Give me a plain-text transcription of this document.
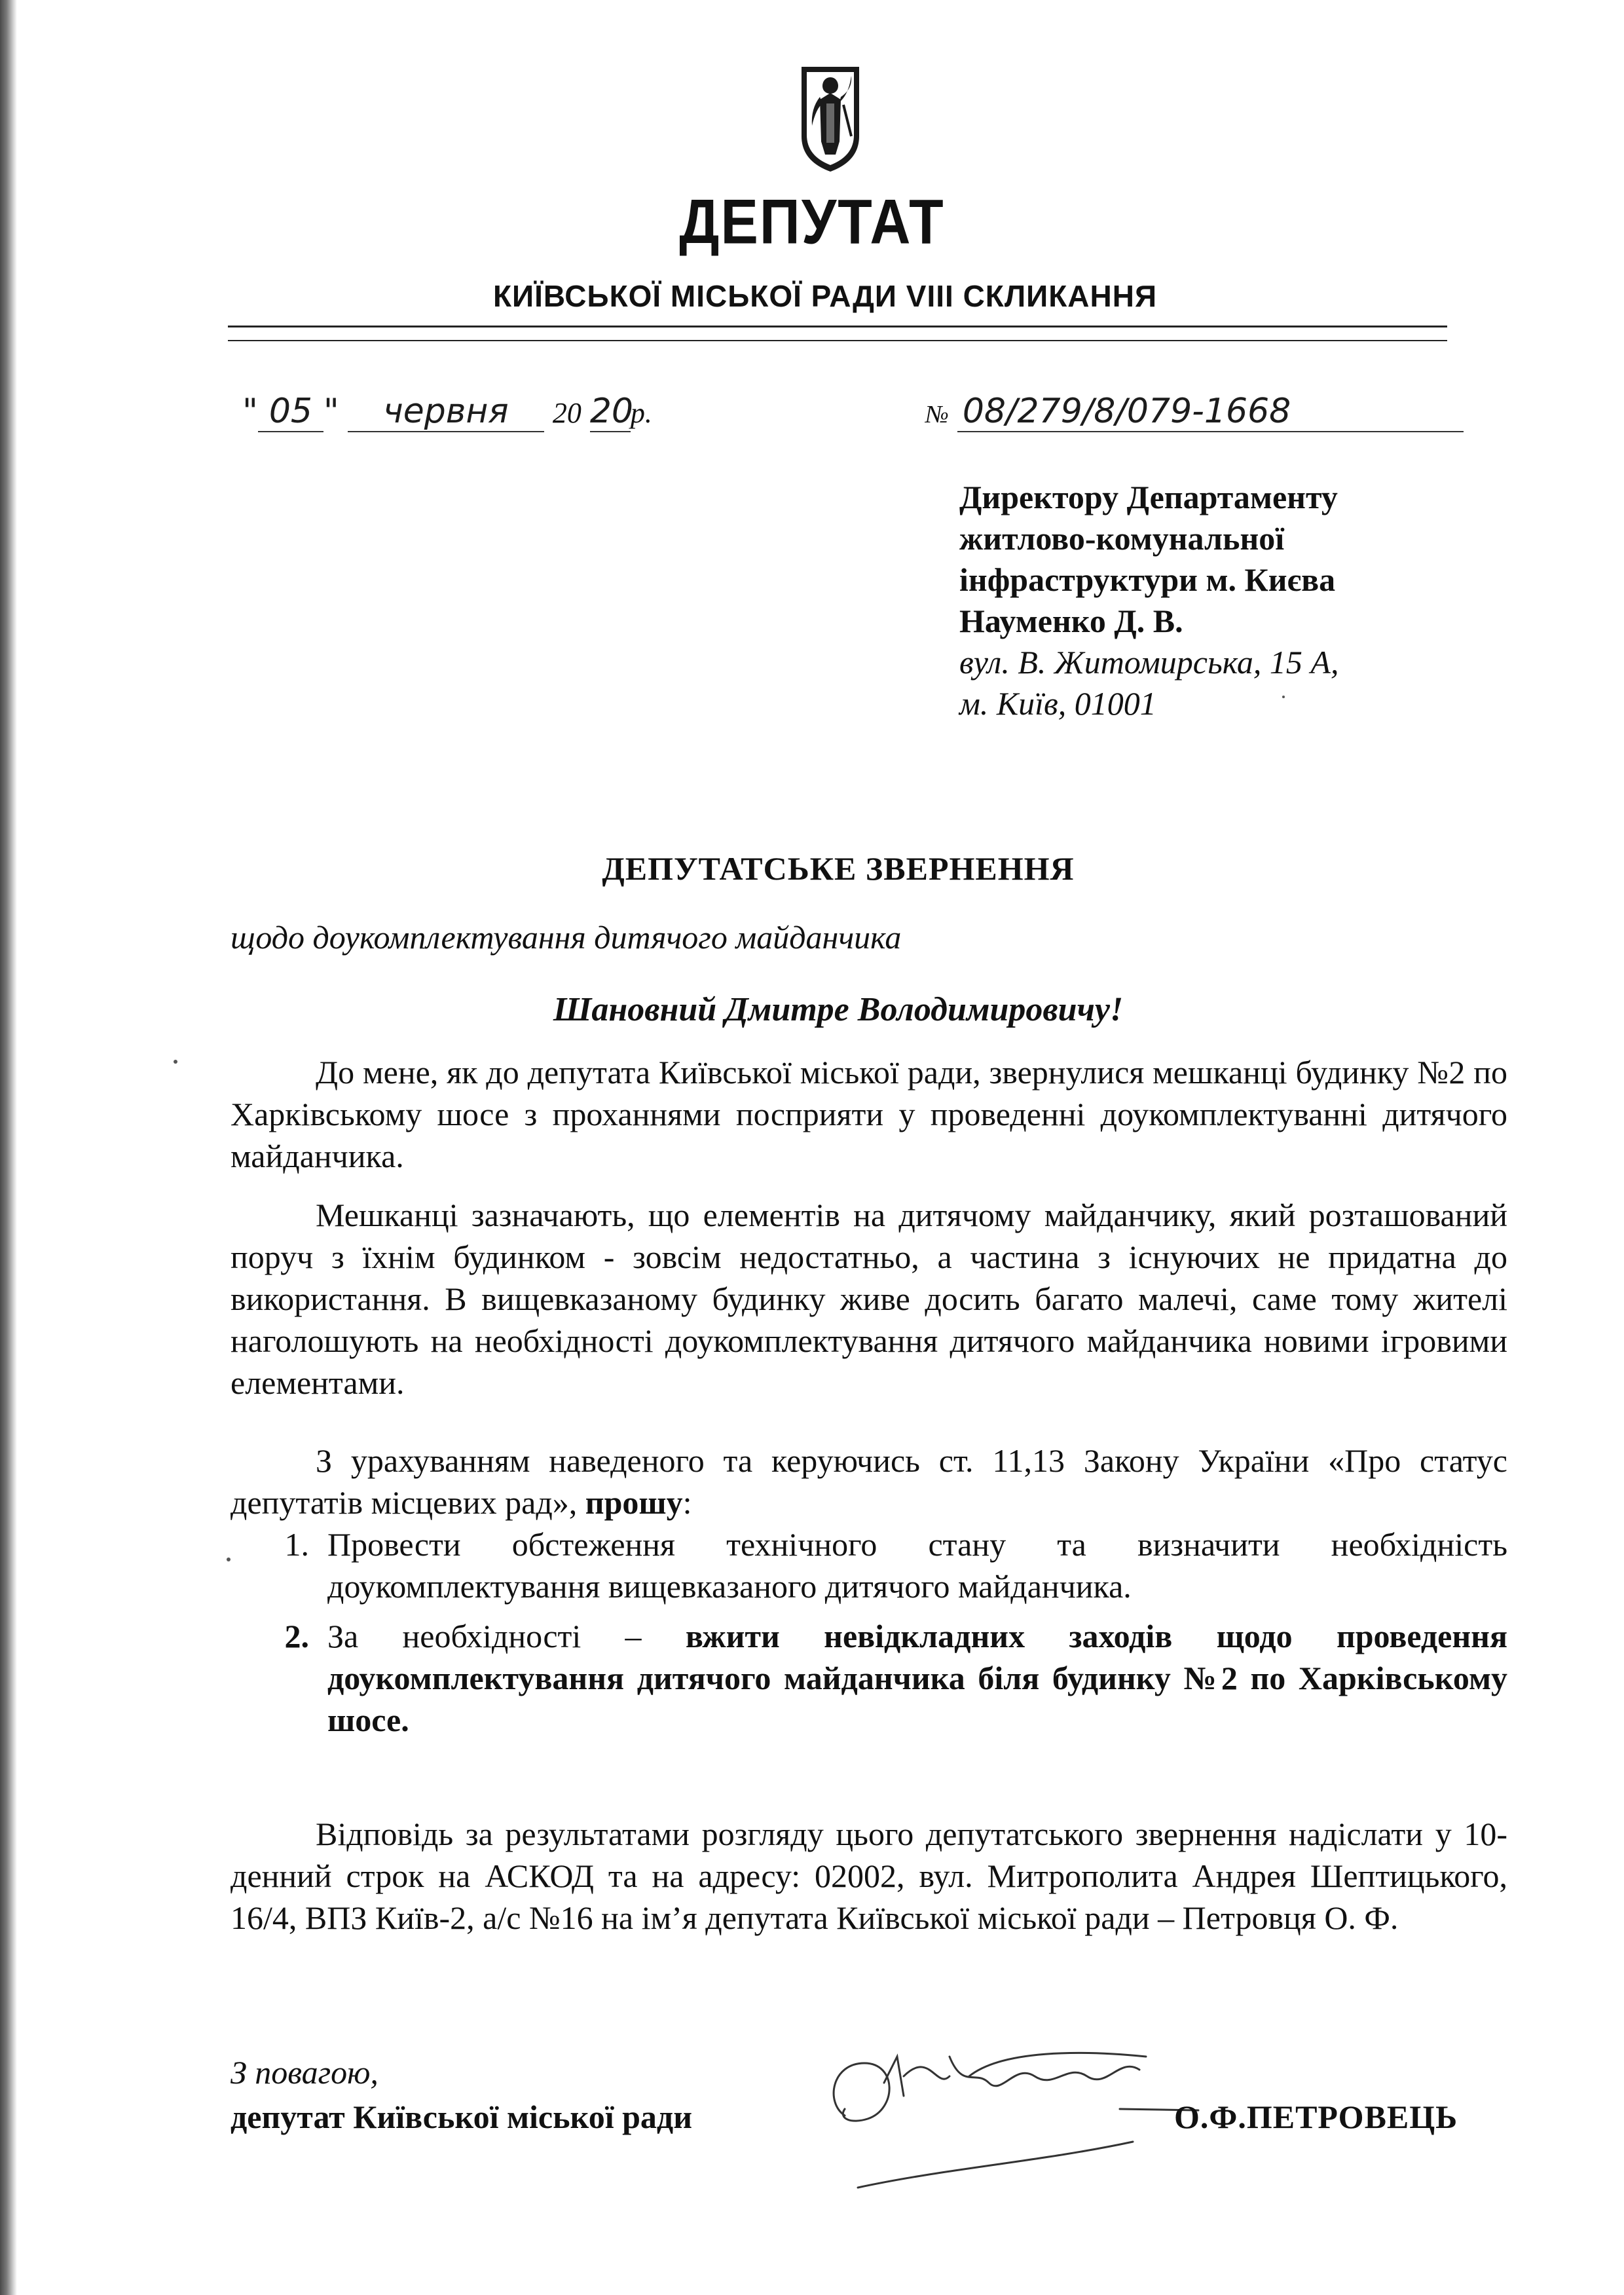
ДЕПУТАТ
КИЇВСЬКОЇ МІСЬКОЇ РАДИ VIII СКЛИКАННЯ
" 05 " червня 20 20р.	№ 08/279/8/079-1668
Директору Департаменту
житлово-комунальної
інфраструктури м. Києва
Науменко Д. В.
вул. В. Житомирська, 15 А,
м. Київ, 01001
ДЕПУТАТСЬКЕ ЗВЕРНЕННЯ
щодо доукомплектування дитячого майданчика
Шановний Дмитре Володимировичу!

До мене, як до депутата Київської міської ради, звернулися мешканці будинку №2 по Харківському шосе з проханнями посприяти у проведенні доукомплектуванні дитячого майданчика.

Мешканці зазначають, що елементів на дитячому майданчику, який розташований поруч з їхнім будинком - зовсім недостатньо, а частина з існуючих не придатна до використання. В вищевказаному будинку живе досить багато малечі, саме тому жителі наголошують на необхідності доукомплектування дитячого майданчика новими ігровими елементами.

З урахуванням наведеного та керуючись ст. 11,13 Закону України «Про статус депутатів місцевих рад», прошу:

1. Провести обстеження технічного стану та визначити необхідність доукомплектування вищевказаного дитячого майданчика.
2. За необхідності – вжити невідкладних заходів щодо проведення доукомплектування дитячого майданчика біля будинку №2 по Харківському шосе.

Відповідь за результатами розгляду цього депутатського звернення надіслати у 10-денний строк на АСКОД та на адресу: 02002, вул. Митрополита Андрея Шептицького, 16/4, ВПЗ Київ-2, а/с №16 на ім’я депутата Київської міської ради – Петровця О. Ф.

З повагою,
депутат Київської міської ради	О.Ф.ПЕТРОВЕЦЬ
